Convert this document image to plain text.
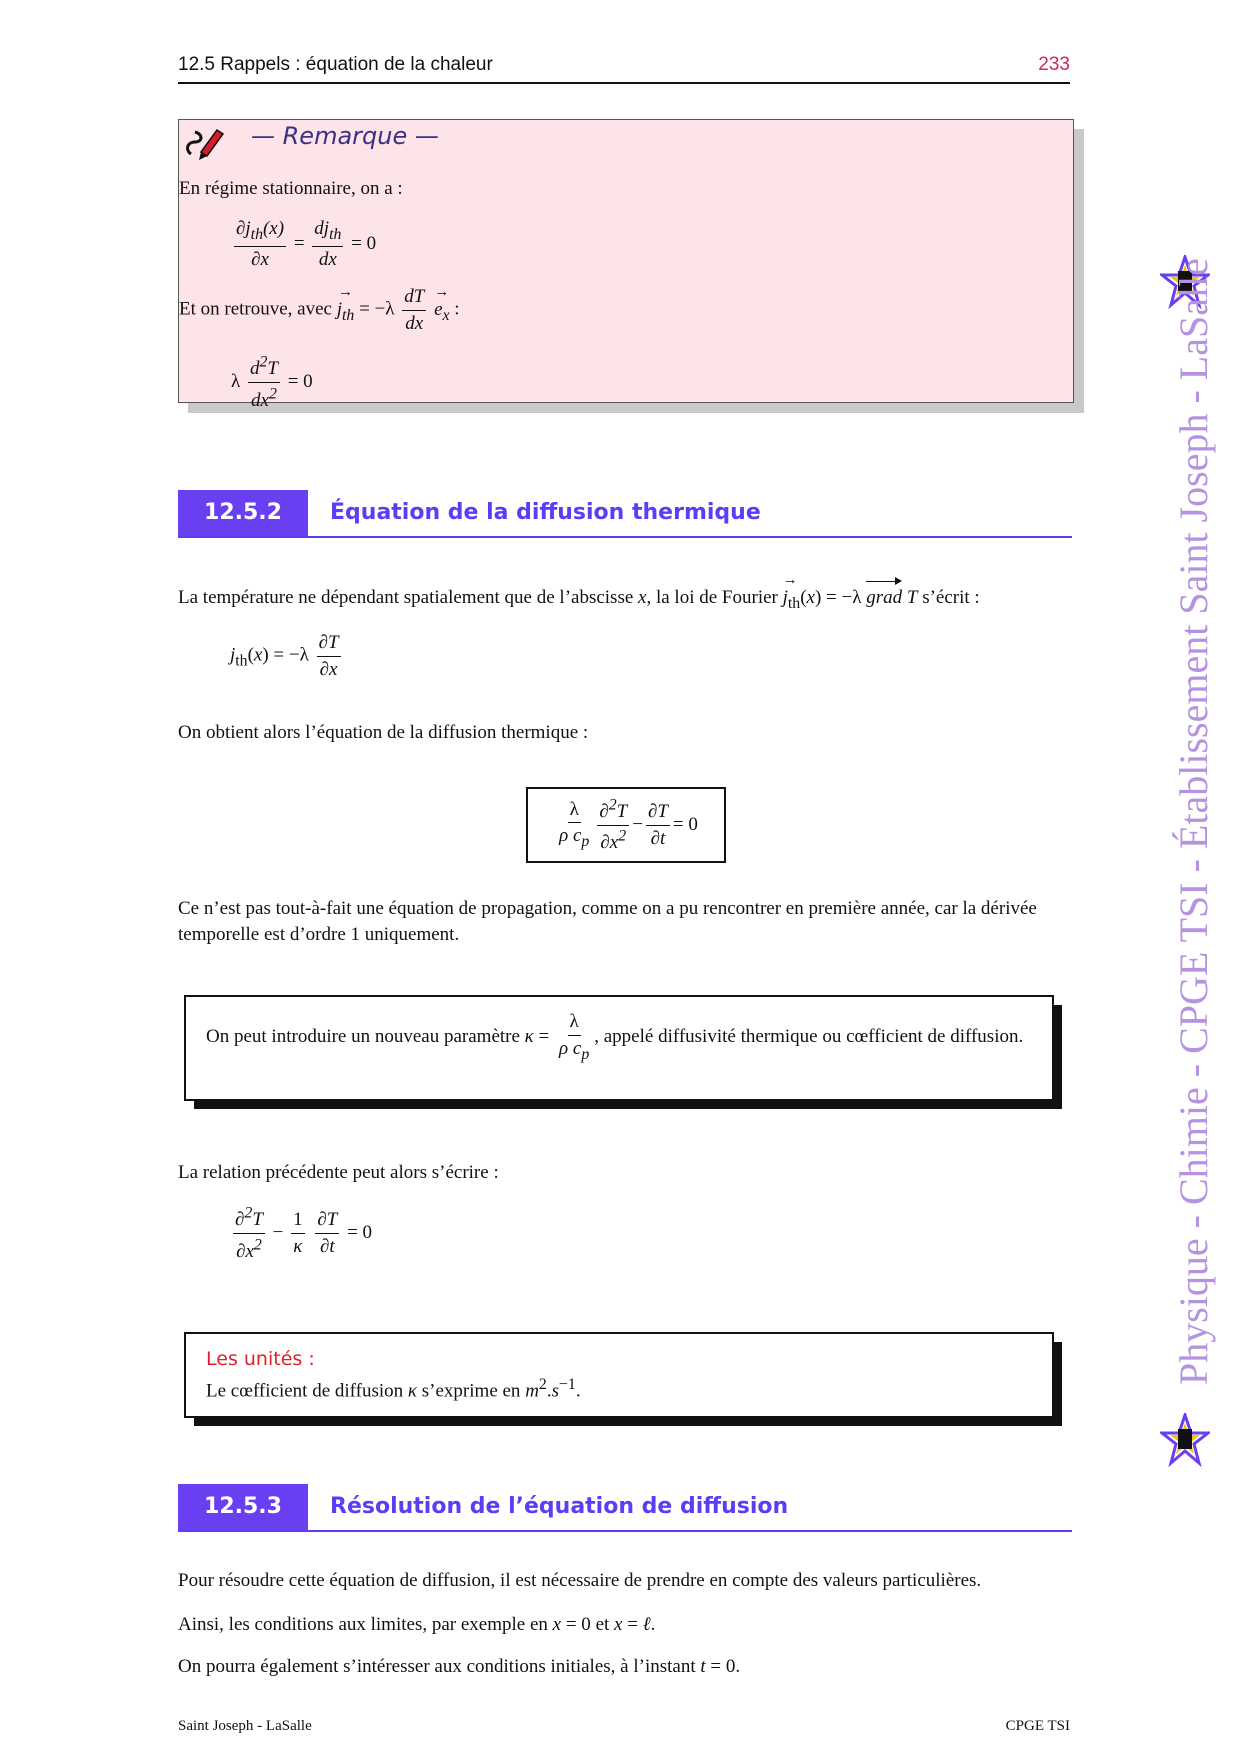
12.5 Rappels : équation de la chaleur	233
— Remarque —
En régime stationnaire, on a :
$\frac{\partial j_{th}(x)}{\partial x} = \frac{dj_{th}}{dx} = 0$
Et on retrouve, avec → $j_{th} = -\lambda \frac{dT}{dx}$
→ $e_x$ :
λ $\frac{d^2T}{dx^2} = 0$
12.5.2	Équation de la diffusion thermique
La température ne dépendant spatialement que de l’abscisse x, la loi de Fourier → $j_{th}(x) = -\lambda$ grad T s’écrit :
$j_{th}(x) = -\lambda \frac{\partial T}{\partial x}$
On obtient alors l’équation de la diffusion thermique :
$\frac{\lambda}{\rho c_p} \frac{\partial^2T}{\partial x^2} - \frac{\partial T}{\partial t} = 0$
Ce n’est pas tout-à-fait une équation de propagation, comme on a pu rencontrer en première année, car la dérivée temporelle est d’ordre 1 uniquement.
On peut introduire un nouveau paramètre $\kappa = \frac{\lambda}{\rho c_p}$ , appelé diffusivité thermique ou cœfficient de diffusion.
La relation précédente peut alors s’écrire :
$\frac{\partial^2T}{\partial x^2} - \frac{1}{\kappa}$
$\frac{\partial T}{\partial t} = 0$
Les unités :
Le cœfficient de diffusion κ s’exprime en $m^2.s^{-1}$.
12.5.3	Résolution de l’équation de diffusion
Pour résoudre cette équation de diffusion, il est nécessaire de prendre en compte des valeurs particulières.
Ainsi, les conditions aux limites, par exemple en x = 0 et x = ℓ.
On pourra également s’intéresser aux conditions initiales, à l’instant t = 0.
Physique - Chimie - CPGE TSI - Établissement Saint Joseph - LaSalle
Saint Joseph - LaSalle	CPGE TSI
